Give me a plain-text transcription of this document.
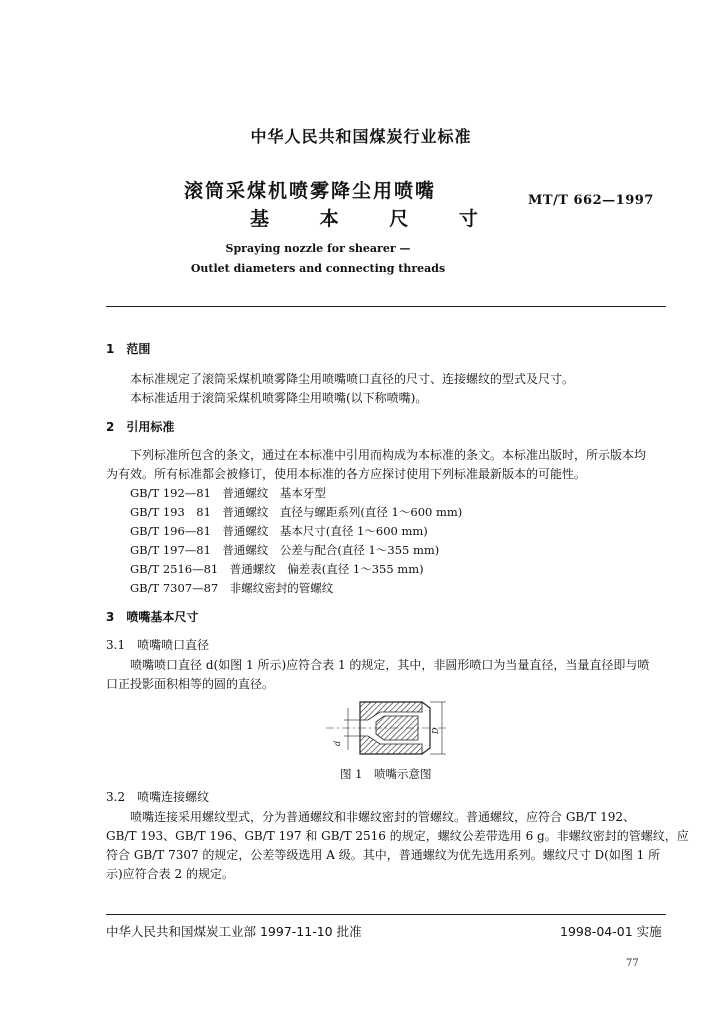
中华人民共和国煤炭行业标准
滚筒采煤机喷雾降尘用喷嘴
基 本 尺 寸
MT/T 662—1997
Spraying nozzle for shearer —
Outlet diameters and connecting threads
1　范围
本标准规定了滚筒采煤机喷雾降尘用喷嘴喷口直径的尺寸、连接螺纹的型式及尺寸。
本标准适用于滚筒采煤机喷雾降尘用喷嘴(以下称喷嘴)。
2　引用标准
下列标准所包含的条文，通过在本标准中引用而构成为本标准的条文。本标准出版时，所示版本均
为有效。所有标准都会被修订，使用本标准的各方应探讨使用下列标准最新版本的可能性。
GB/T 192—81　普通螺纹　基本牙型
GB/T 193　81　普通螺纹　直径与螺距系列(直径 1～600 mm)
GB/T 196—81　普通螺纹　基本尺寸(直径 1～600 mm)
GB/T 197—81　普通螺纹　公差与配合(直径 1～355 mm)
GB/T 2516—81　普通螺纹　偏差表(直径 1～355 mm)
GB/T 7307—87　非螺纹密封的管螺纹
3　喷嘴基本尺寸
3.1　喷嘴喷口直径
喷嘴喷口直径 d(如图 1 所示)应符合表 1 的规定，其中，非圆形喷口为当量直径，当量直径即与喷
口正投影面积相等的圆的直径。
d
D
图 1　喷嘴示意图
3.2　喷嘴连接螺纹
喷嘴连接采用螺纹型式，分为普通螺纹和非螺纹密封的管螺纹。普通螺纹，应符合 GB/T 192、
GB/T 193、GB/T 196、GB/T 197 和 GB/T 2516 的规定，螺纹公差带选用 6 g。非螺纹密封的管螺纹，应
符合 GB/T 7307 的规定，公差等级选用 A 级。其中，普通螺纹为优先选用系列。螺纹尺寸 D(如图 1 所
示)应符合表 2 的规定。
中华人民共和国煤炭工业部 1997-11-10 批准	1998-04-01 实施
77
